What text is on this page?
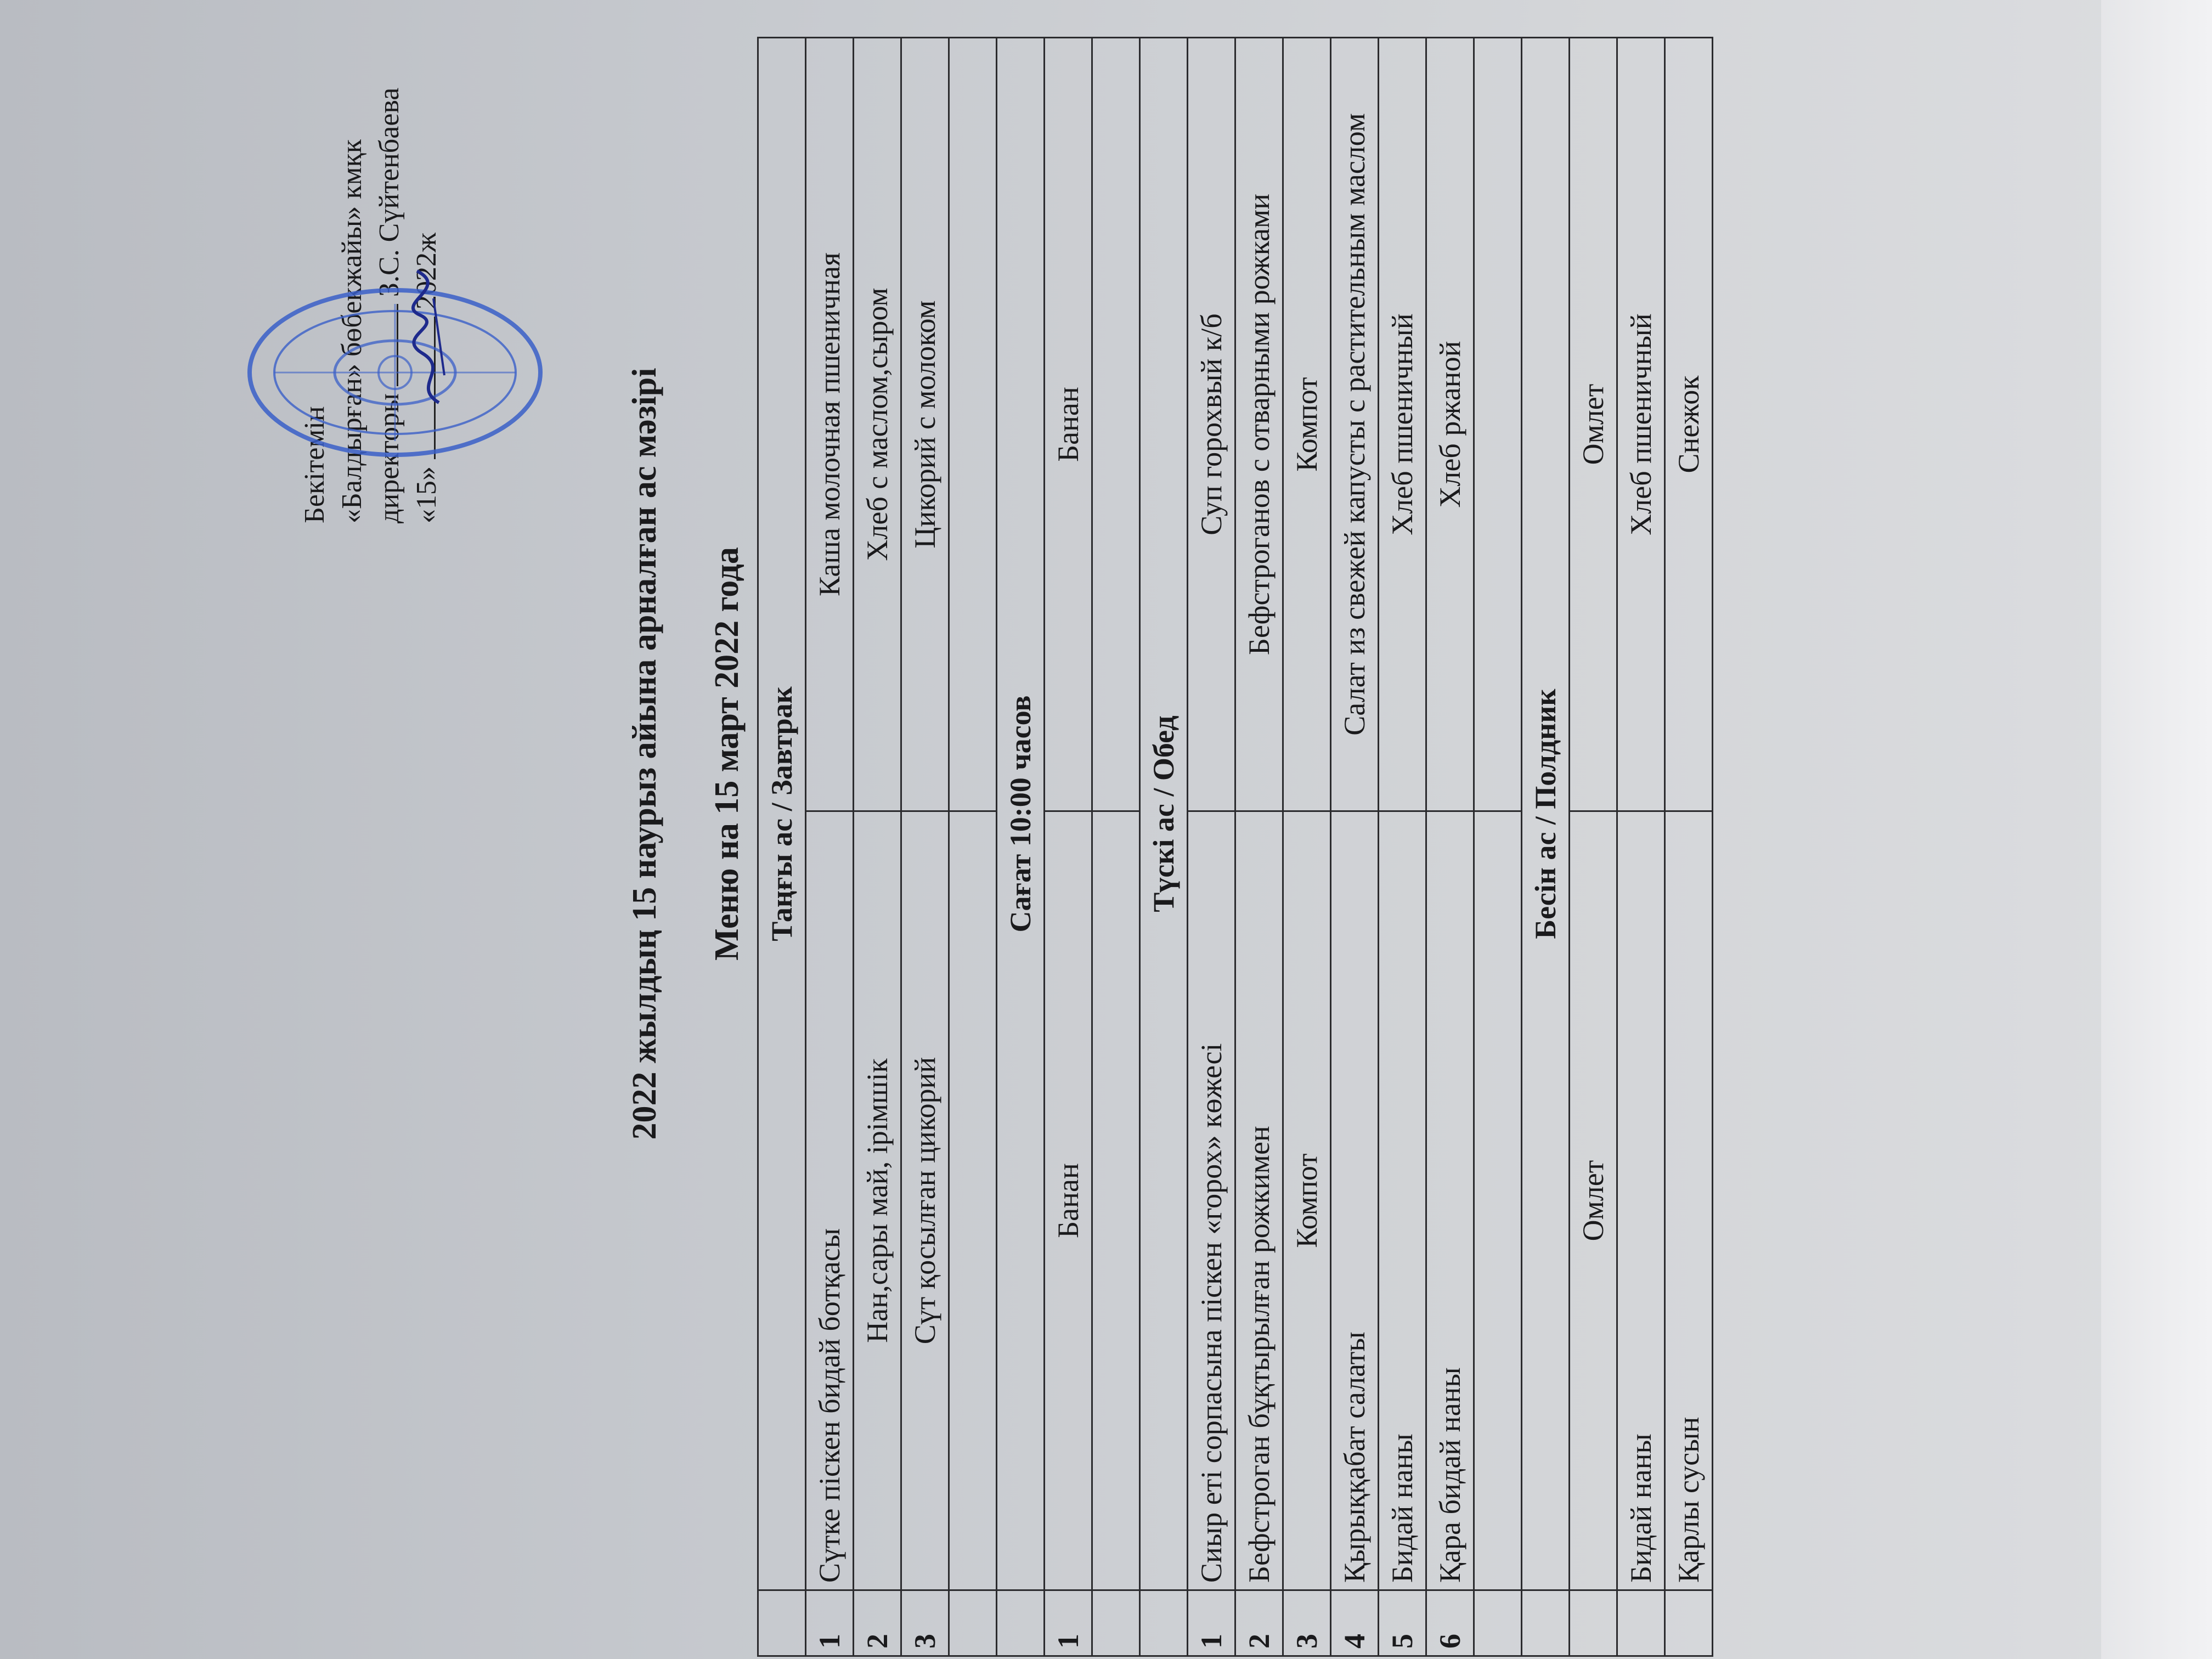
Бекітемін «Балдырған» бөбекжайы» кмқк директоры  З.С. Сүйтенбаева
«15»  2022ж
2022 жылдың 15 наурыз айына арналған ас мәзірі Меню на 15 март 2022 года
	Таңғы ас / Завтрак	
1	Сүтке піскен бидай ботқасы	Каша молочная пшеничная
2	Нан,сары май, ірімшік	Хлеб с маслом,сыром
3	Сүт қосылған цикорий	Цикорий с молоком

	Сағат 10:00 часов	
1	Банан	Банан

	Түскі ас / Обед	
1	Сиыр еті сорпасына піскен «горох» көжесі	Суп горохвый к/б
2	Бефстроган бұқтырылған рожкимен	Бефстроганов с отварными рожками
3	Компот	Компот
4	Қырыққабат салаты	Салат из свежей капусты с растительным маслом
5	Бидай наны	Хлеб пшеничный
6	Қара бидай наны	Хлеб ржаной

	Бесін ас / Полдник	
	Омлет	Омлет
	Бидай наны	Хлеб пшеничный
	Қарлы сусын	Снежок
